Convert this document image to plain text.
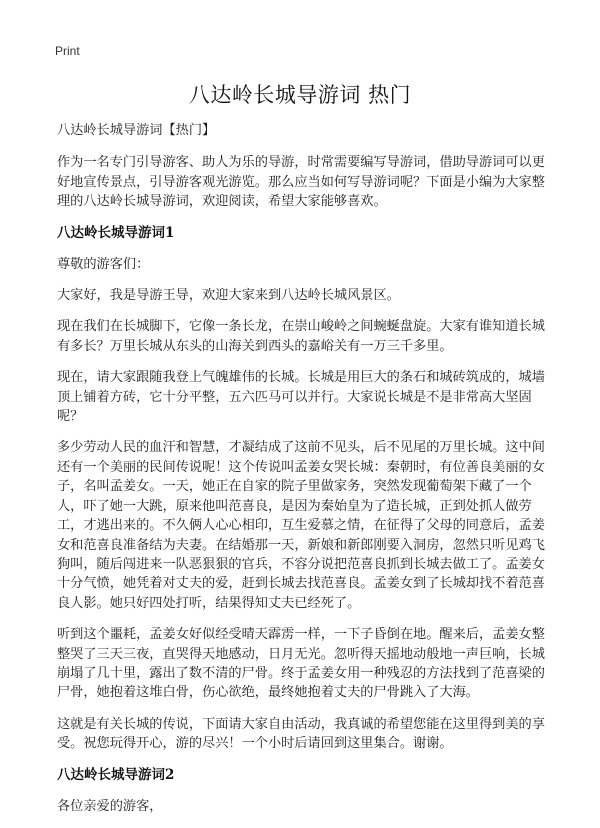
Print
八达岭长城导游词 热门

八达岭长城导游词【热门】

作为一名专门引导游客、助人为乐的导游，时常需要编写导游词，借助导游词可以更好地宣传景点，引导游客观光游览。那么应当如何写导游词呢？下面是小编为大家整理的八达岭长城导游词，欢迎阅读，希望大家能够喜欢。

八达岭长城导游词1

尊敬的游客们：

大家好，我是导游王导，欢迎大家来到八达岭长城风景区。

现在我们在长城脚下，它像一条长龙，在崇山峻岭之间蜿蜒盘旋。大家有谁知道长城有多长？万里长城从东头的山海关到西头的嘉峪关有一万三千多里。

现在，请大家跟随我登上气魄雄伟的长城。长城是用巨大的条石和城砖筑成的，城墙顶上铺着方砖，它十分平整，五六匹马可以并行。大家说长城是不是非常高大坚固呢？

多少劳动人民的血汗和智慧，才凝结成了这前不见头，后不见尾的万里长城。这中间还有一个美丽的民间传说呢！这个传说叫孟姜女哭长城：秦朝时，有位善良美丽的女子，名叫孟姜女。一天，她正在自家的院子里做家务，突然发现葡萄架下藏了一个人，吓了她一大跳，原来他叫范喜良，是因为秦始皇为了造长城，正到处抓人做劳工，才逃出来的。不久俩人心心相印，互生爱慕之情，在征得了父母的同意后，孟姜女和范喜良准备结为夫妻。在结婚那一天，新娘和新郎刚要入洞房，忽然只听见鸡飞狗叫，随后闯进来一队恶狠狠的官兵，不容分说把范喜良抓到长城去做工了。孟姜女十分气愤，她凭着对丈夫的爱，赶到长城去找范喜良。孟姜女到了长城却找不着范喜良人影。她只好四处打听，结果得知丈夫已经死了。

听到这个噩耗，孟姜女好似经受晴天霹雳一样，一下子昏倒在地。醒来后，孟姜女整整哭了三天三夜，直哭得天地感动，日月无光。忽听得天摇地动般地一声巨响，长城崩塌了几十里，露出了数不清的尸骨。终于孟姜女用一种残忍的方法找到了范喜梁的尸骨，她抱着这堆白骨，伤心欲绝，最终她抱着丈夫的尸骨跳入了大海。

这就是有关长城的传说，下面请大家自由活动，我真诚的希望您能在这里得到美的享受。祝您玩得开心，游的尽兴！一个小时后请回到这里集合。谢谢。

八达岭长城导游词2

各位亲爱的游客，
